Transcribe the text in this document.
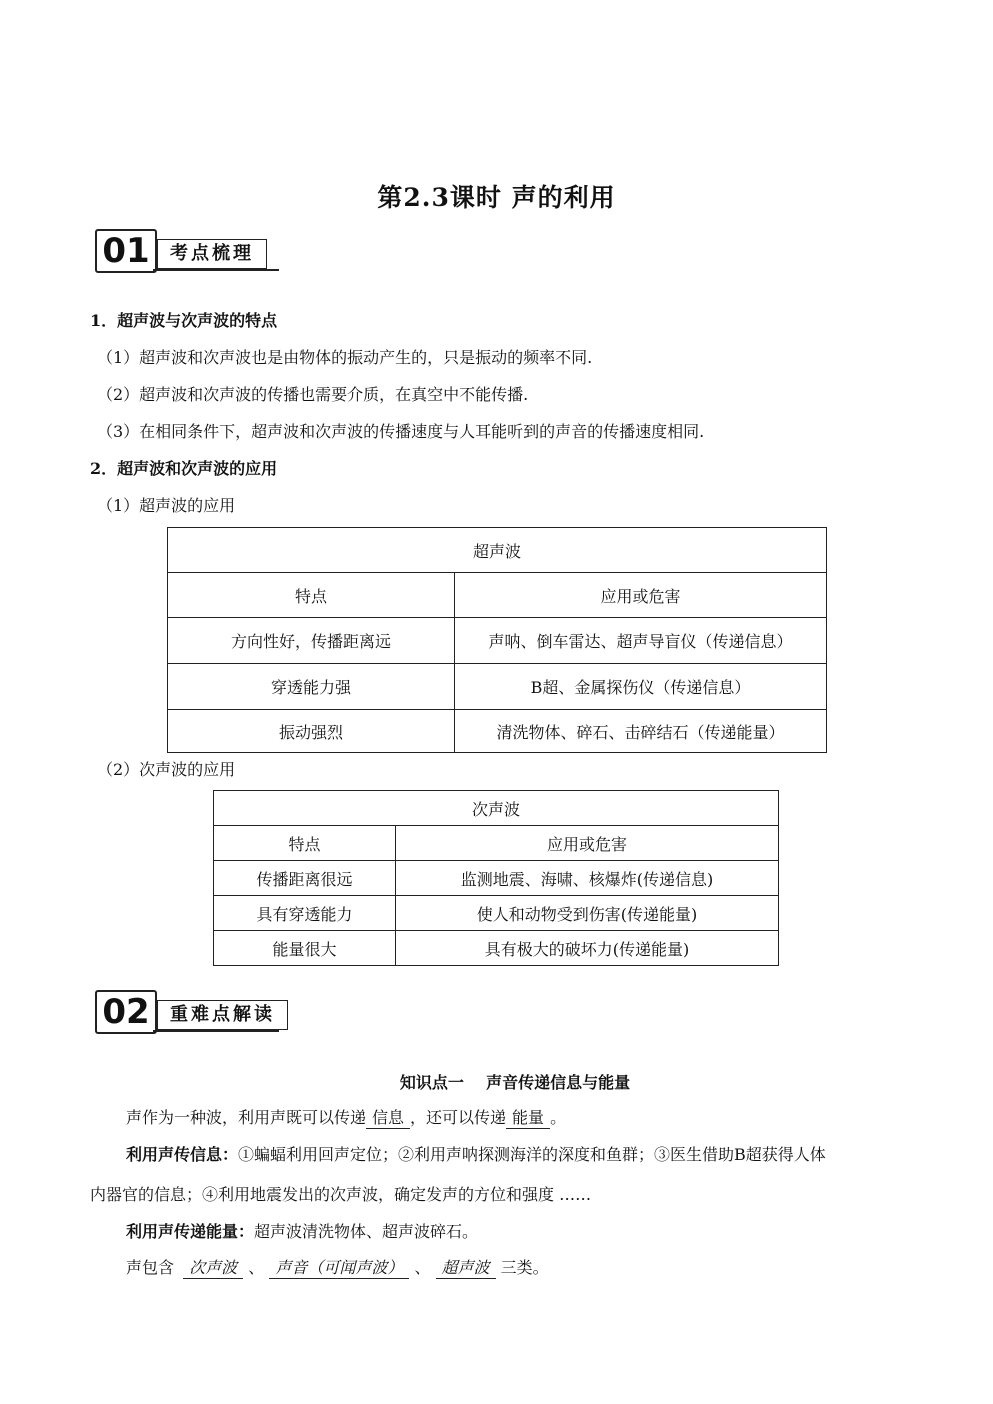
第2.3课时 声的利用
01	考点梳理
1．超声波与次声波的特点
（1）超声波和次声波也是由物体的振动产生的，只是振动的频率不同.
（2）超声波和次声波的传播也需要介质，在真空中不能传播.
（3）在相同条件下，超声波和次声波的传播速度与人耳能听到的声音的传播速度相同.
2．超声波和次声波的应用
（1）超声波的应用
超声波	
特点	应用或危害
方向性好，传播距离远	声呐、倒车雷达、超声导盲仪（传递信息）
穿透能力强	B超、金属探伤仪（传递信息）
振动强烈	清洗物体、碎石、击碎结石（传递能量）
（2）次声波的应用
次声波	
特点	应用或危害
传播距离很远	监测地震、海啸、核爆炸(传递信息)
具有穿透能力	使人和动物受到伤害(传递能量)
能量很大	具有极大的破坏力(传递能量)
02	重难点解读
知识点一    声音传递信息与能量
声作为一种波，利用声既可以传递 信息 ，还可以传递 能量 。
利用声传信息：①蝙蝠利用回声定位；②利用声呐探测海洋的深度和鱼群；③医生借助B超获得人体
内器官的信息；④利用地震发出的次声波，确定发声的方位和强度 ……
利用声传递能量：超声波清洗物体、超声波碎石。
声包含 次声波 、 声音（可闻声波） 、 超声波 三类。
